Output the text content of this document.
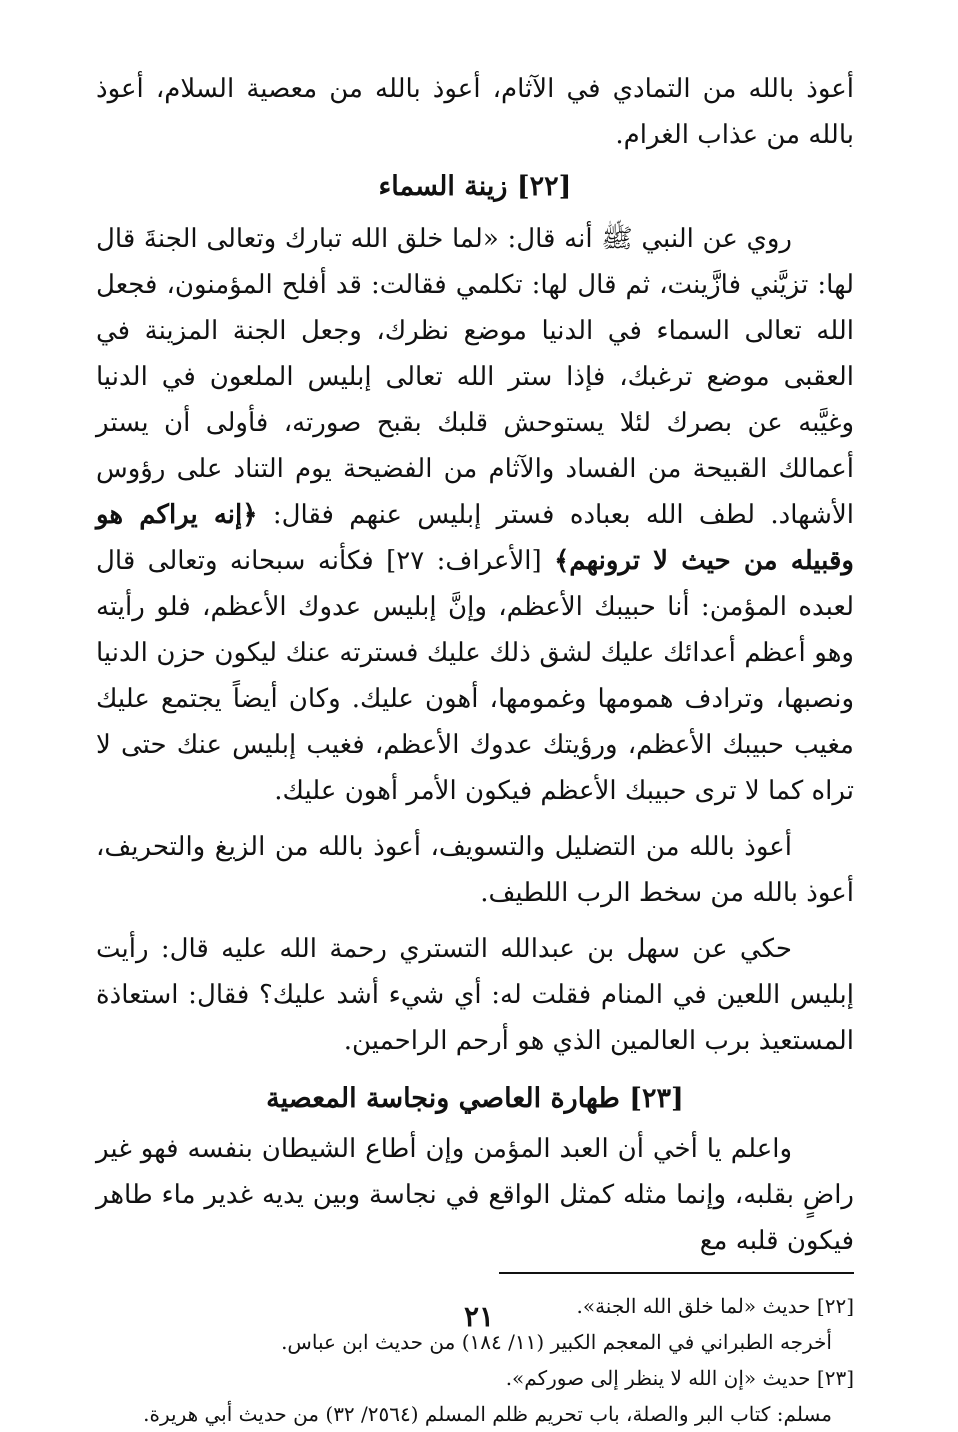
أعوذ بالله من التمادي في الآثام، أعوذ بالله من معصية السلام، أعوذ بالله من عذاب الغرام.

[٢٢] زينة السماء

روي عن النبي ﷺ أنه قال: «لما خلق الله تبارك وتعالى الجنةَ قال لها: تزيَّني فازَّينت، ثم قال لها: تكلمي فقالت: قد أفلح المؤمنون، فجعل الله تعالى السماء في الدنيا موضع نظرك، وجعل الجنة المزينة في العقبى موضع ترغبك، فإذا ستر الله تعالى إبليس الملعون في الدنيا وغيَّبه عن بصرك لئلا يستوحش قلبك بقبح صورته، فأولى أن يستر أعمالك القبيحة من الفساد والآثام من الفضيحة يوم التناد على رؤوس الأشهاد. لطف الله بعباده فستر إبليس عنهم فقال: ﴿إنه يراكم هو وقبيله من حيث لا ترونهم﴾ [الأعراف: ٢٧] فكأنه سبحانه وتعالى قال لعبده المؤمن: أنا حبيبك الأعظم، وإنَّ إبليس عدوك الأعظم، فلو رأيته وهو أعظم أعدائك عليك لشق ذلك عليك فسترته عنك ليكون حزن الدنيا ونصبها، وترادف همومها وغمومها، أهون عليك. وكان أيضاً يجتمع عليك مغيب حبيبك الأعظم، ورؤيتك عدوك الأعظم، فغيب إبليس عنك حتى لا تراه كما لا ترى حبيبك الأعظم فيكون الأمر أهون عليك.

أعوذ بالله من التضليل والتسويف، أعوذ بالله من الزيغ والتحريف، أعوذ بالله من سخط الرب اللطيف.

حكي عن سهل بن عبدالله التستري رحمة الله عليه قال: رأيت إبليس اللعين في المنام فقلت له: أي شيء أشد عليك؟ فقال: استعاذة المستعيذ برب العالمين الذي هو أرحم الراحمين.

[٢٣] طهارة العاصي ونجاسة المعصية

واعلم يا أخي أن العبد المؤمن وإن أطاع الشيطان بنفسه فهو غير راضٍ بقلبه، وإنما مثله كمثل الواقع في نجاسة وبين يديه غدير ماء طاهر فيكون قلبه مع

[٢٢] حديث «لما خلق الله الجنة».

أخرجه الطبراني في المعجم الكبير (١١/ ١٨٤) من حديث ابن عباس.

[٢٣] حديث «إن الله لا ينظر إلى صوركم».

مسلم: كتاب البر والصلة، باب تحريم ظلم المسلم (٢٥٦٤/ ٣٢) من حديث أبي هريرة.

٢١
